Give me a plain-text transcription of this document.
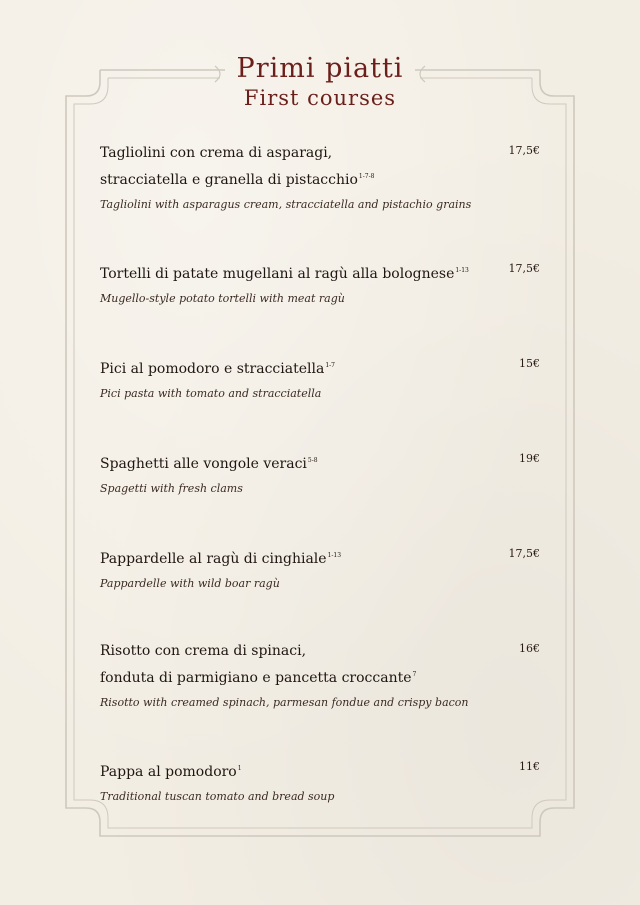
Primi piatti
First courses
Tagliolini con crema di asparagi,
stracciatella e granella di pistacchio$^{1-7-8}$
Tagliolini with asparagus cream, stracciatella and pistachio grains
17,5€
Tortelli di patate mugellani al ragù alla bolognese$^{1-13}$
Mugello-style potato tortelli with meat ragù
17,5€
Pici al pomodoro e stracciatella$^{1-7}$
Pici pasta with tomato and stracciatella
15€
Spaghetti alle vongole veraci$^{5-8}$
Spagetti with fresh clams
19€
Pappardelle al ragù di cinghiale$^{1-13}$
Pappardelle with wild boar ragù
17,5€
Risotto con crema di spinaci,
fonduta di parmigiano e pancetta croccante$^7$
Risotto with creamed spinach, parmesan fondue and crispy bacon
16€
Pappa al pomodoro$^1$
Traditional tuscan tomato and bread soup
11€
